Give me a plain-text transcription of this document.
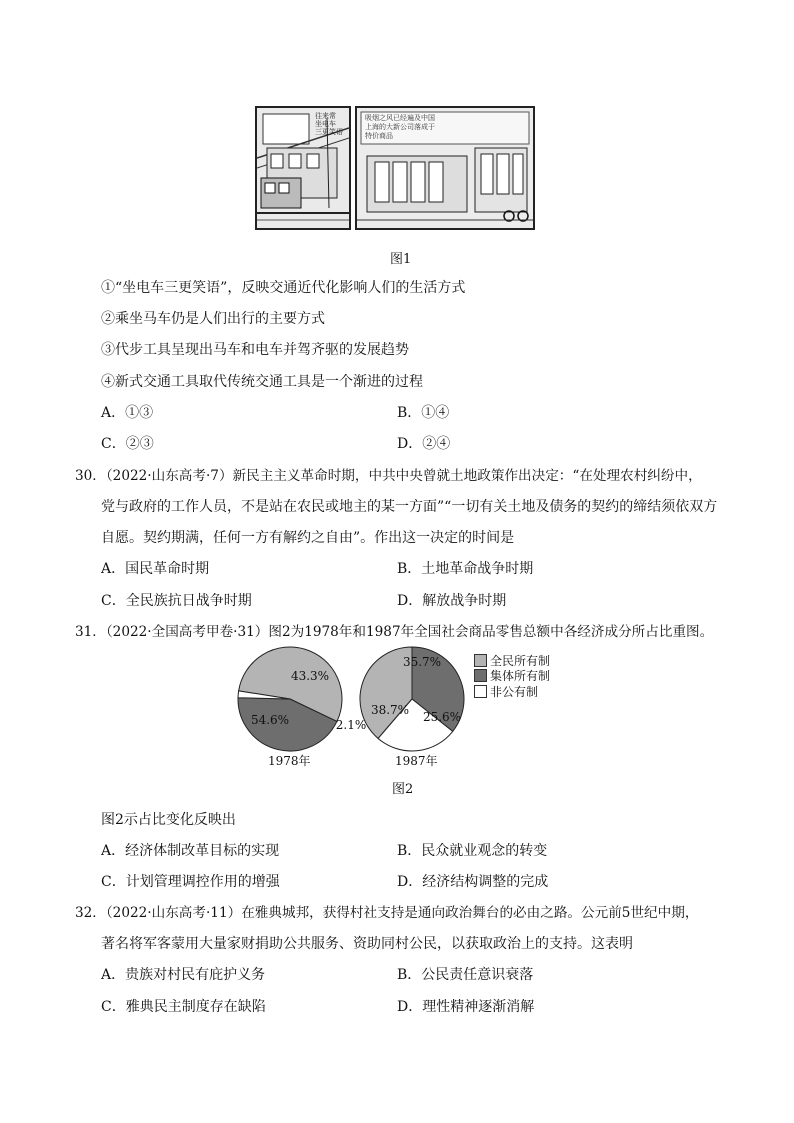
往来常
坐电车
三更笑语
吸烟之风已经遍及中国
上海的大新公司落成于
特价商品
图1
①“坐电车三更笑语”，反映交通近代化影响人们的生活方式
②乘坐马车仍是人们出行的主要方式
③代步工具呈现出马车和电车并驾齐驱的发展趋势
④新式交通工具取代传统交通工具是一个渐进的过程
A．①③	B．①④
C．②③	D．②④
30．（2022·山东高考·7）新民主主义革命时期，中共中央曾就土地政策作出决定：“在处理农村纠纷中，
党与政府的工作人员，不是站在农民或地主的某一方面”“一切有关土地及债务的契约的缔结须依双方
自愿。契约期满，任何一方有解约之自由”。作出这一决定的时间是
A．国民革命时期	B．土地革命战争时期
C．全民族抗日战争时期	D．解放战争时期
31．（2022·全国高考甲卷·31）图2为1978年和1987年全国社会商品零售总额中各经济成分所占比重图。
54.6%
43.3%
2.1%
38.7%
35.7%
25.6%
全民所有制
集体所有制
非公有制
1978年	1987年
图2
图2示占比变化反映出
A．经济体制改革目标的实现	B．民众就业观念的转变
C．计划管理调控作用的增强	D．经济结构调整的完成
32．（2022·山东高考·11）在雅典城邦，获得村社支持是通向政治舞台的必由之路。公元前5世纪中期，
著名将军客蒙用大量家财捐助公共服务、资助同村公民，以获取政治上的支持。这表明
A．贵族对村民有庇护义务	B．公民责任意识衰落
C．雅典民主制度存在缺陷	D．理性精神逐渐消解
